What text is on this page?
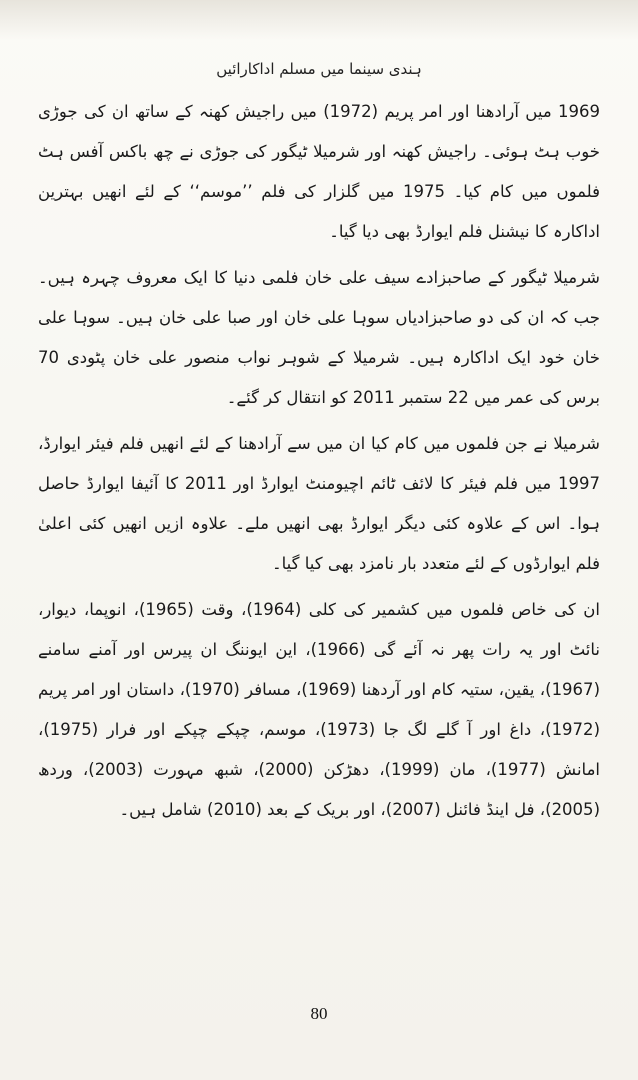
ہندی سینما میں مسلم اداکارائیں

1969 میں آرادھنا اور امر پریم (1972) میں راجیش کھنہ کے ساتھ ان کی جوڑی خوب ہٹ ہوئی۔ راجیش کھنہ اور شرمیلا ٹیگور کی جوڑی نے چھ باکس آفس ہٹ فلموں میں کام کیا۔ 1975 میں گلزار کی فلم ’’موسم‘‘ کے لئے انھیں بہترین اداکارہ کا نیشنل فلم ایوارڈ بھی دیا گیا۔

شرمیلا ٹیگور کے صاحبزادے سیف علی خان فلمی دنیا کا ایک معروف چہرہ ہیں۔ جب کہ ان کی دو صاحبزادیاں سوہا علی خان اور صبا علی خان ہیں۔ سوہا علی خان خود ایک اداکارہ ہیں۔ شرمیلا کے شوہر نواب منصور علی خان پٹودی 70 برس کی عمر میں 22 ستمبر 2011 کو انتقال کر گئے۔

شرمیلا نے جن فلموں میں کام کیا ان میں سے آرادھنا کے لئے انھیں فلم فیئر ایوارڈ، 1997 میں فلم فیئر کا لائف ٹائم اچیومنٹ ایوارڈ اور 2011 کا آئیفا ایوارڈ حاصل ہوا۔ اس کے علاوہ کئی دیگر ایوارڈ بھی انھیں ملے۔ علاوہ ازیں انھیں کئی اعلیٰ فلم ایوارڈوں کے لئے متعدد بار نامزد بھی کیا گیا۔

ان کی خاص فلموں میں کشمیر کی کلی (1964)، وقت (1965)، انوپما، دیوار، نائٹ اور یہ رات پھر نہ آئے گی (1966)، این ایوننگ ان پیرس اور آمنے سامنے (1967)، یقین، ستیہ کام اور آردھنا (1969)، مسافر (1970)، داستان اور امر پریم (1972)، داغ اور آ گلے لگ جا (1973)، موسم، چپکے چپکے اور فرار (1975)، امانش (1977)، مان (1999)، دھڑکن (2000)، شبھ مہورت (2003)، وردھ (2005)، فل اینڈ فائنل (2007)، اور بریک کے بعد (2010) شامل ہیں۔

80
